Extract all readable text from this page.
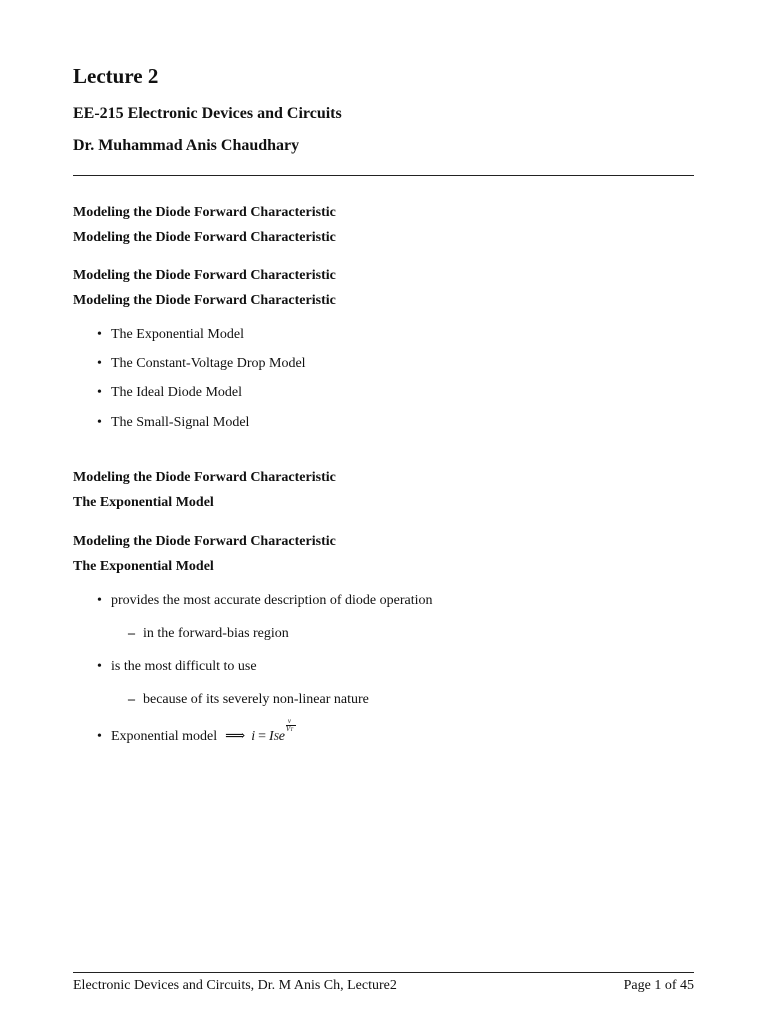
Lecture 2
EE-215 Electronic Devices and Circuits
Dr. Muhammad Anis Chaudhary
Modeling the Diode Forward Characteristic
Modeling the Diode Forward Characteristic
Modeling the Diode Forward Characteristic
Modeling the Diode Forward Characteristic
• The Exponential Model
• The Constant-Voltage Drop Model
• The Ideal Diode Model
• The Small-Signal Model
Modeling the Diode Forward Characteristic
The Exponential Model
Modeling the Diode Forward Characteristic
The Exponential Model
• provides the most accurate description of diode operation
– in the forward-bias region
• is the most difficult to use
– because of its severely non-linear nature
• Exponential model ⟹ i = ISe $\frac{v}{VT}$
Electronic Devices and Circuits, Dr. M Anis Ch, Lecture2	Page 1 of 45
